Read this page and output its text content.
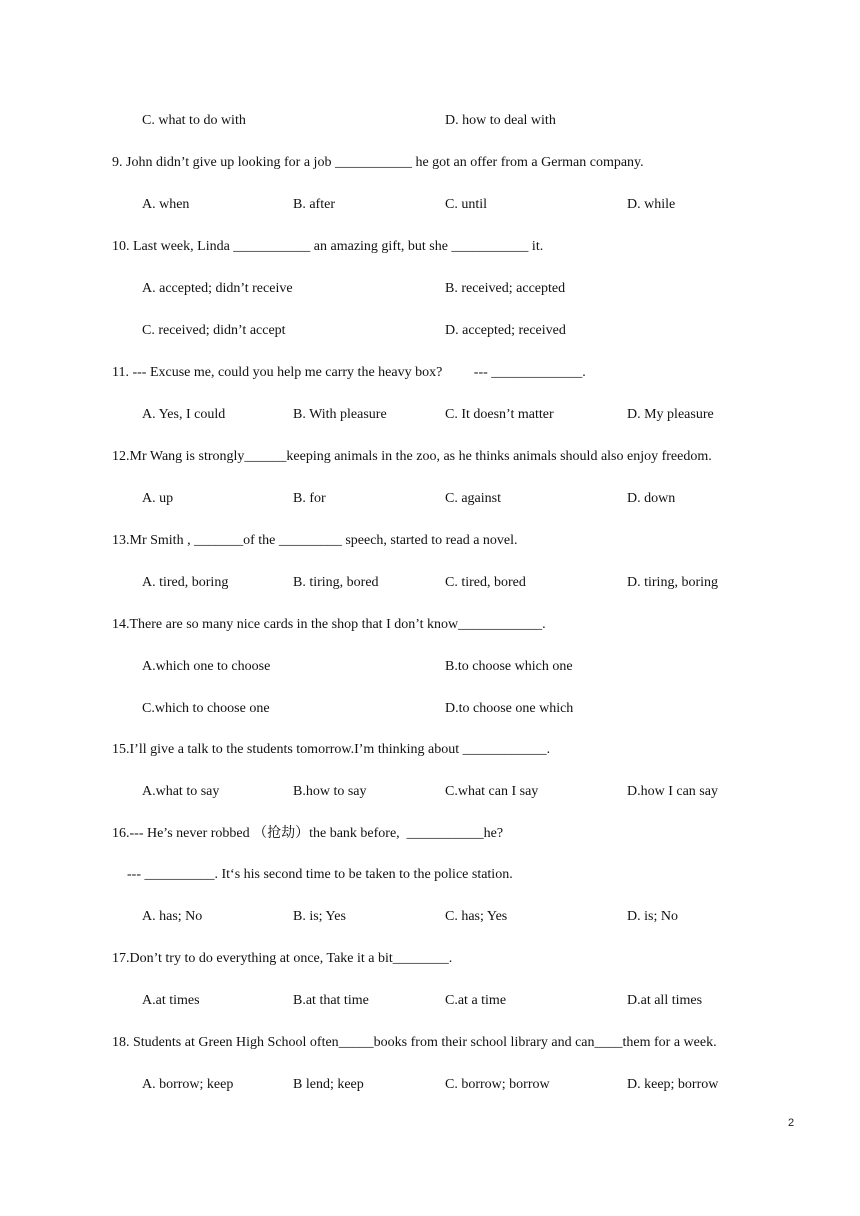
C. what to do with	D. how to deal with
9. John didn’t give up looking for a job ___________ he got an offer from a German company.
A. when	B. after	C. until	D. while
10. Last week, Linda ___________ an amazing gift, but she ___________ it.
A. accepted; didn’t receive	B. received; accepted
C. received; didn’t accept	D. accepted; received
11. --- Excuse me, could you help me carry the heavy box?         --- _____________.
A. Yes, I could	B. With pleasure	C. It doesn’t matter	D. My pleasure
12.Mr Wang is strongly______keeping animals in the zoo, as he thinks animals should also enjoy freedom.
A. up	B. for	C. against	D. down
13.Mr Smith , _______of the _________ speech, started to read a novel.
A. tired, boring	B. tiring, bored	C. tired, bored	D. tiring, boring
14.There are so many nice cards in the shop that I don’t know____________.
A.which one to choose	B.to choose which one
C.which to choose one	D.to choose one which
15.I’ll give a talk to the students tomorrow.I’m thinking about ____________.
A.what to say	B.how to say	C.what can I say	D.how I can say
16.--- He’s never robbed （抢劫）the bank before,  ___________he?
--- __________. It‘s his second time to be taken to the police station.
A. has; No	B. is; Yes	C. has; Yes	D. is; No
17.Don’t try to do everything at once, Take it a bit________.
A.at times	B.at that time	C.at a time	D.at all times
18. Students at Green High School often_____books from their school library and can____them for a week.
A. borrow; keep	B lend; keep	C. borrow; borrow	D. keep; borrow
2
